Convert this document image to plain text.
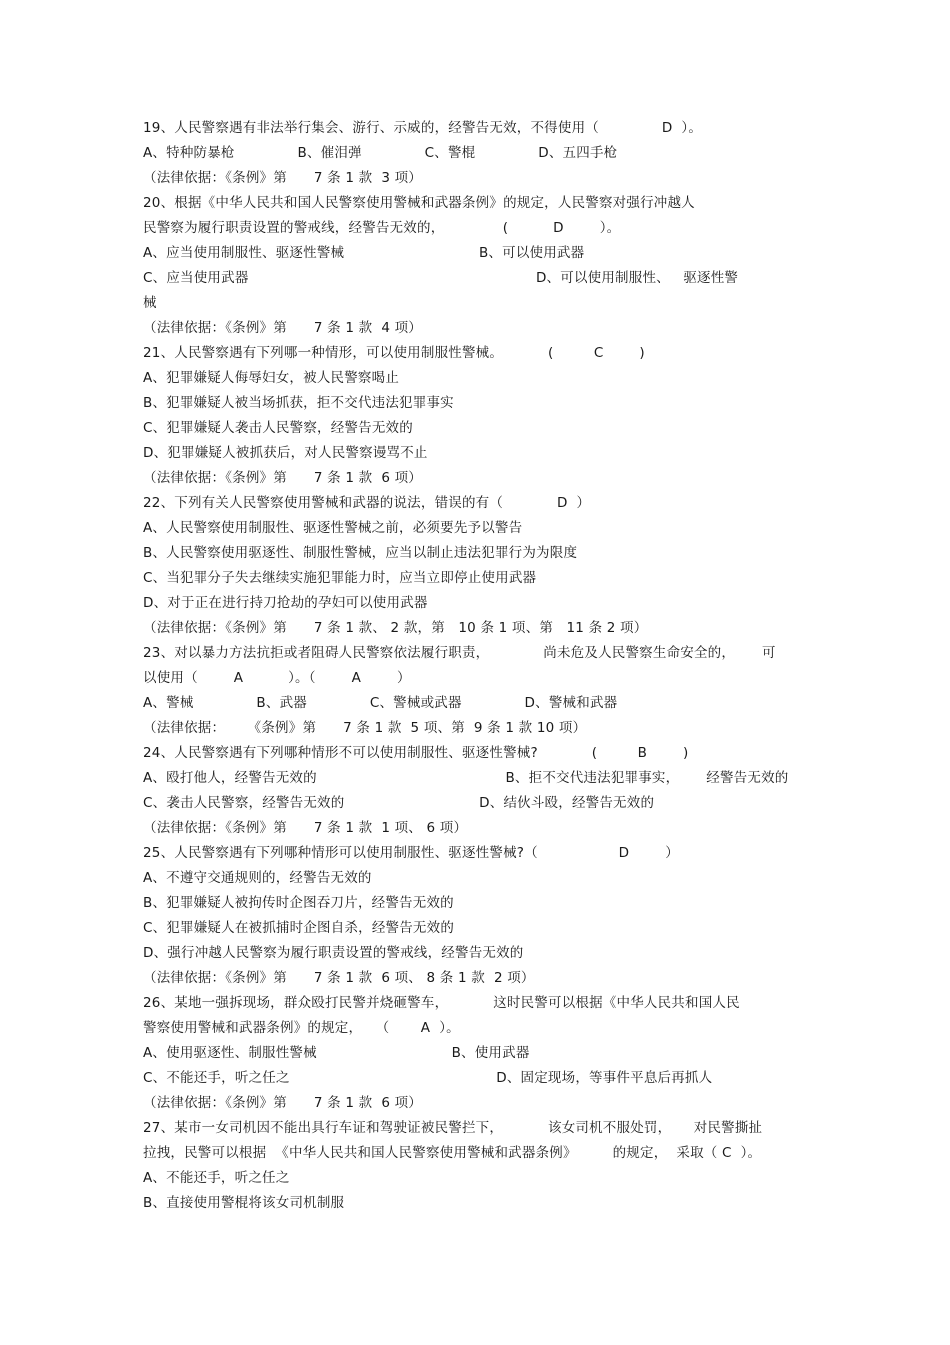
19、人民警察遇有非法举行集会、游行、示威的，经警告无效，不得使用（              D  ）。
A、特种防暴枪              B、催泪弹              C、警棍              D、五四手枪
（法律依据：《条例》第      7 条 1 款  3 项）
20、根据《中华人民共和国人民警察使用警械和武器条例》的规定，人民警察对强行冲越人
民警察为履行职责设置的警戒线，经警告无效的，             (          D        ）。
A、应当使用制服性、驱逐性警械                              B、可以使用武器
C、应当使用武器                                                                D、可以使用制服性、   驱逐性警
械
（法律依据：《条例》第      7 条 1 款  4 项）
21、人民警察遇有下列哪一种情形，可以使用制服性警械。          (         C        )
A、犯罪嫌疑人侮辱妇女，被人民警察喝止
B、犯罪嫌疑人被当场抓获，拒不交代违法犯罪事实
C、犯罪嫌疑人袭击人民警察，经警告无效的
D、犯罪嫌疑人被抓获后，对人民警察谩骂不止
（法律依据：《条例》第      7 条 1 款  6 项）
22、下列有关人民警察使用警械和武器的说法，错误的有（            D  ）
A、人民警察使用制服性、驱逐性警械之前，必须要先予以警告
B、人民警察使用驱逐性、制服性警械，应当以制止违法犯罪行为为限度
C、当犯罪分子失去继续实施犯罪能力时，应当立即停止使用武器
D、对于正在进行持刀抢劫的孕妇可以使用武器
（法律依据：《条例》第      7 条 1 款、 2 款，第   10 条 1 项、第   11 条 2 项）
23、对以暴力方法抗拒或者阻碍人民警察依法履行职责，            尚未危及人民警察生命安全的，      可
以使用（        A          ）。（        A        ）
A、警械              B、武器              C、警械或武器              D、警械和武器
（法律依据：     《条例》第      7 条 1 款  5 项、第  9 条 1 款 10 项）
24、人民警察遇有下列哪种情形不可以使用制服性、驱逐性警械?            (         B        )
A、殴打他人，经警告无效的                                          B、拒不交代违法犯罪事实，      经警告无效的
C、袭击人民警察，经警告无效的                              D、结伙斗殴，经警告无效的
（法律依据：《条例》第      7 条 1 款  1 项、 6 项）
25、人民警察遇有下列哪种情形可以使用制服性、驱逐性警械?（                  D        ）
A、不遵守交通规则的，经警告无效的
B、犯罪嫌疑人被拘传时企图吞刀片，经警告无效的
C、犯罪嫌疑人在被抓捕时企图自杀，经警告无效的
D、强行冲越人民警察为履行职责设置的警戒线，经警告无效的
（法律依据：《条例》第      7 条 1 款  6 项、 8 条 1 款  2 项）
26、某地一强拆现场，群众殴打民警并烧砸警车，          这时民警可以根据《中华人民共和国人民
警察使用警械和武器条例》的规定，   （       A  ）。
A、使用驱逐性、制服性警械                              B、使用武器
C、不能还手，听之任之                                              D、固定现场，等事件平息后再抓人
（法律依据：《条例》第      7 条 1 款  6 项）
27、某市一女司机因不能出具行车证和驾驶证被民警拦下，          该女司机不服处罚，     对民警撕扯
拉拽，民警可以根据  《中华人民共和国人民警察使用警械和武器条例》        的规定，  采取（ C  ）。
A、不能还手，听之任之
B、直接使用警棍将该女司机制服
